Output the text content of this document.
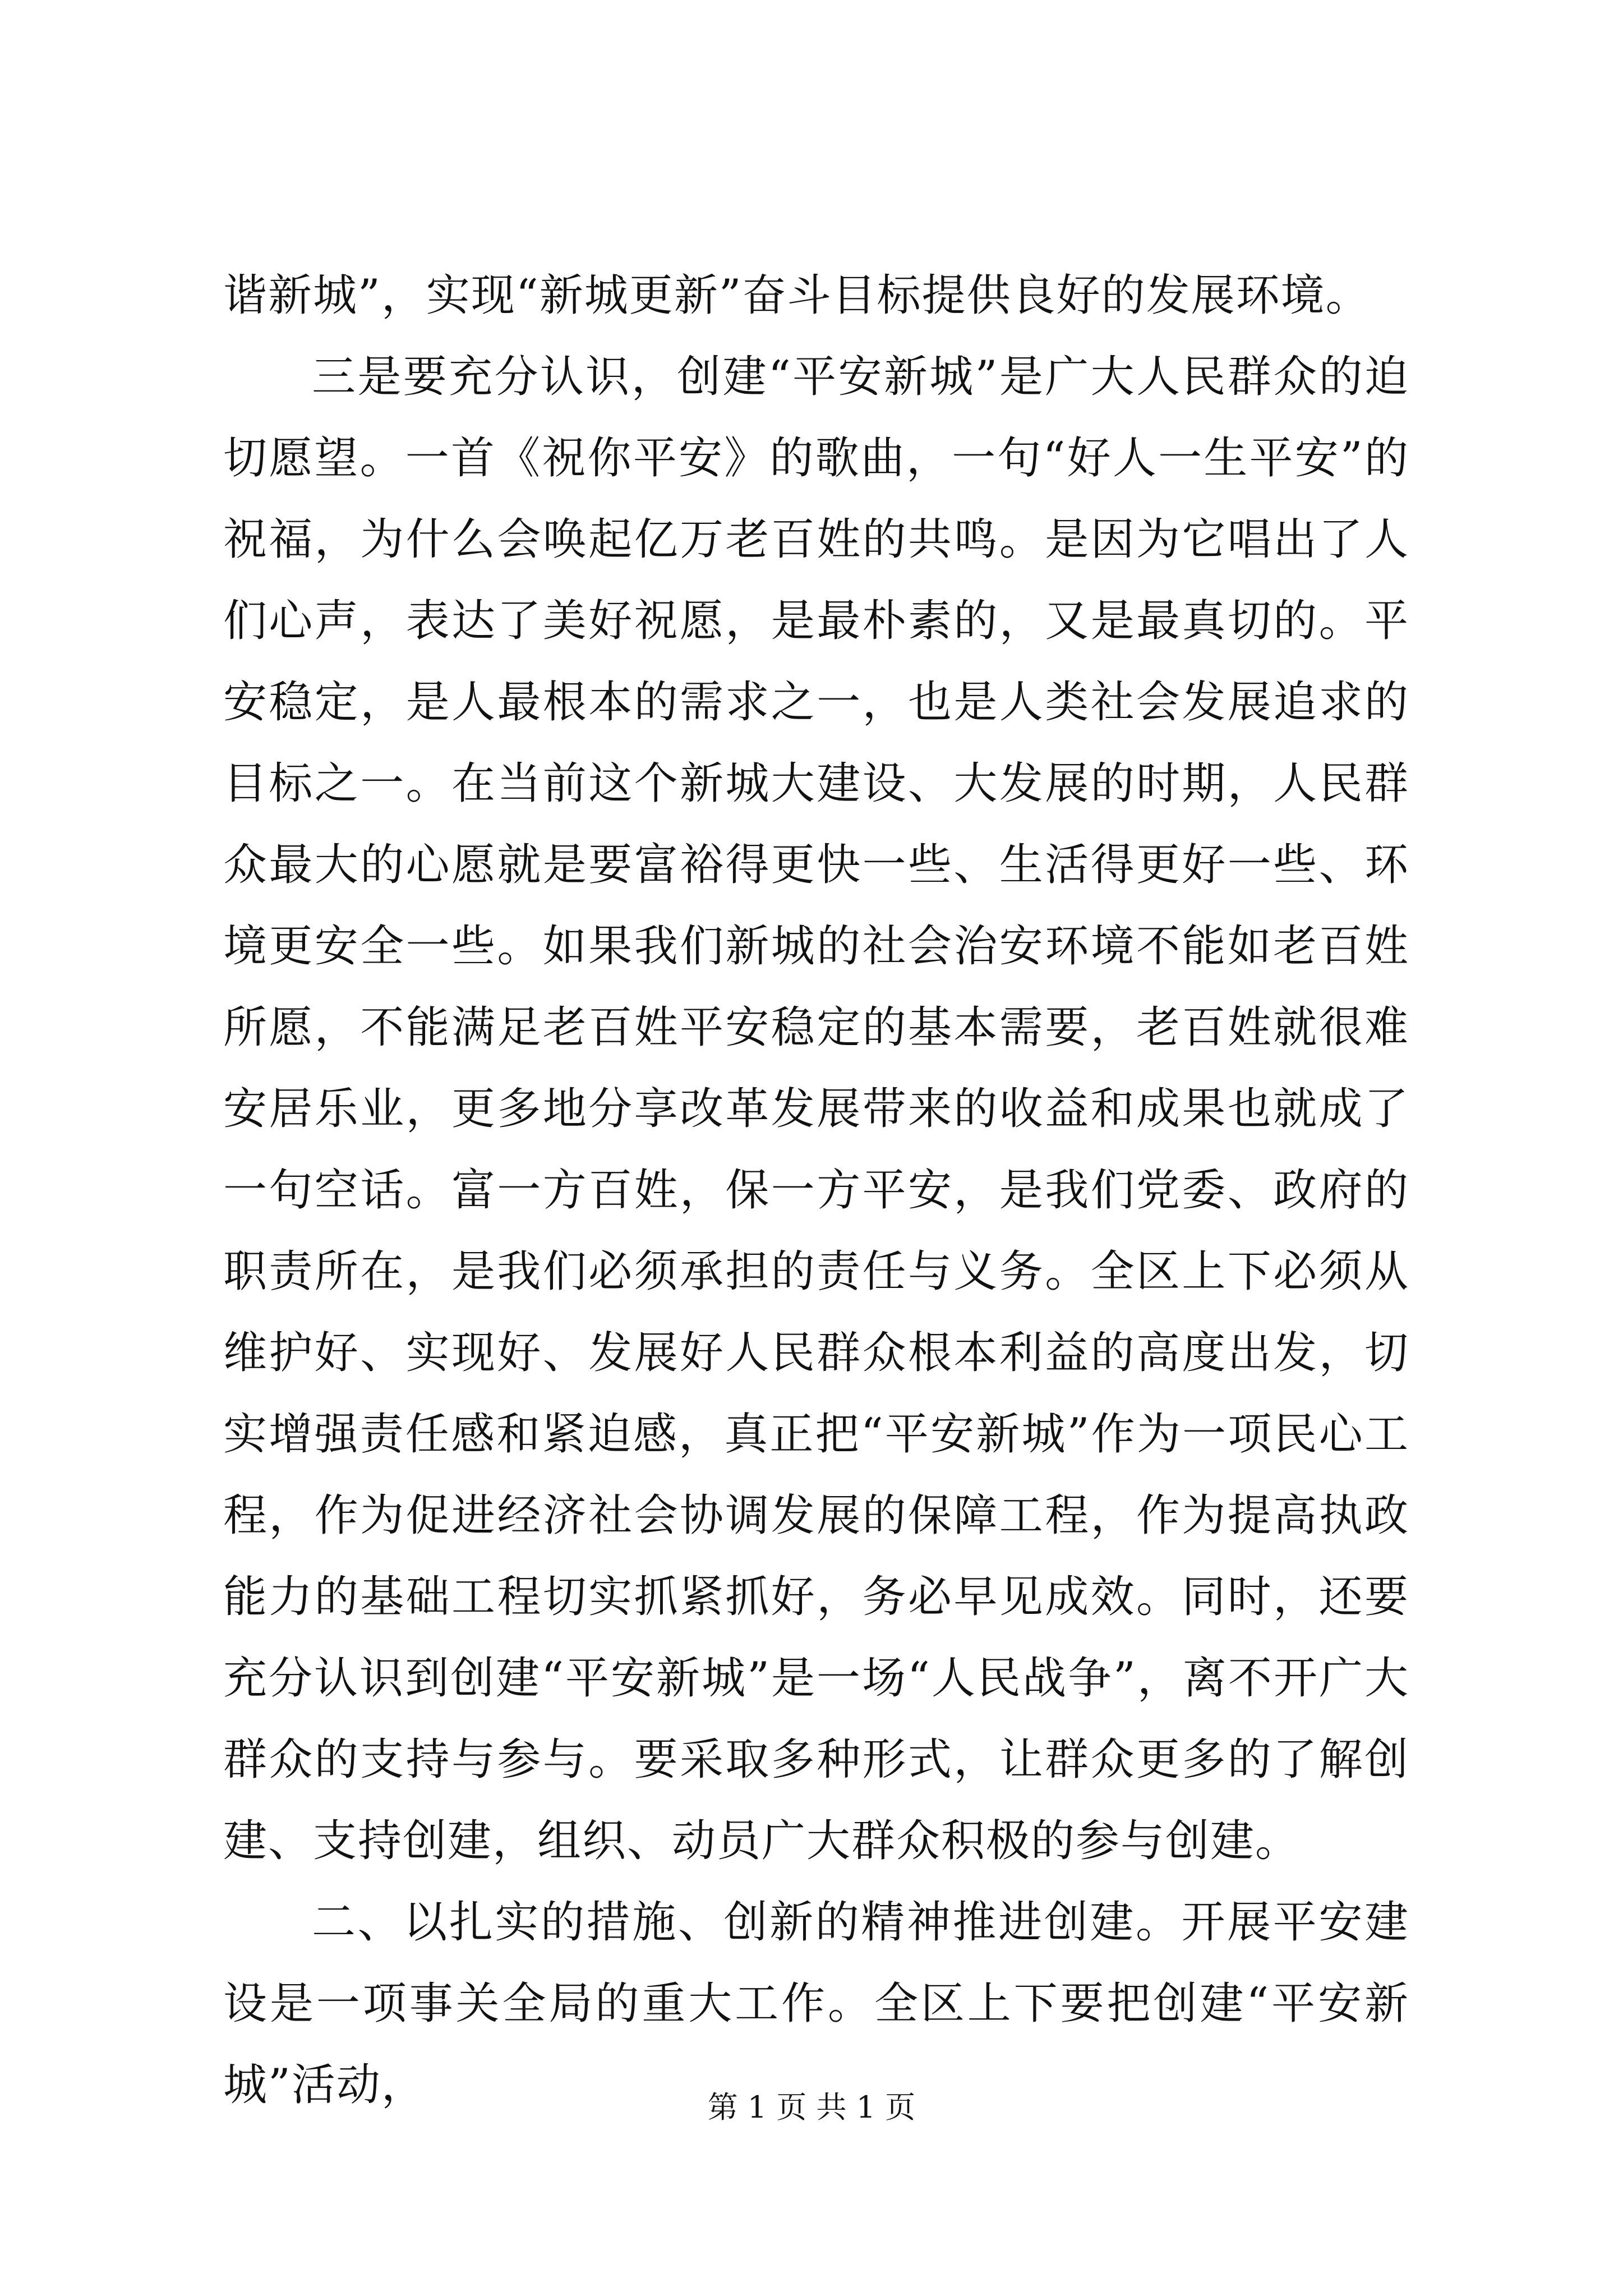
谐新城”，实现“新城更新”奋斗目标提供良好的发展环境。

三是要充分认识，创建“平安新城”是广大人民群众的迫切愿望。一首《祝你平安》的歌曲，一句“好人一生平安”的祝福，为什么会唤起亿万老百姓的共鸣。是因为它唱出了人们心声，表达了美好祝愿，是最朴素的，又是最真切的。平安稳定，是人最根本的需求之一，也是人类社会发展追求的目标之一。在当前这个新城大建设、大发展的时期，人民群众最大的心愿就是要富裕得更快一些、生活得更好一些、环境更安全一些。如果我们新城的社会治安环境不能如老百姓所愿，不能满足老百姓平安稳定的基本需要，老百姓就很难安居乐业，更多地分享改革发展带来的收益和成果也就成了一句空话。富一方百姓，保一方平安，是我们党委、政府的职责所在，是我们必须承担的责任与义务。全区上下必须从维护好、实现好、发展好人民群众根本利益的高度出发，切实增强责任感和紧迫感，真正把“平安新城”作为一项民心工程，作为促进经济社会协调发展的保障工程，作为提高执政能力的基础工程切实抓紧抓好，务必早见成效。同时，还要充分认识到创建“平安新城”是一场“人民战争”，离不开广大群众的支持与参与。要采取多种形式，让群众更多的了解创建、支持创建，组织、动员广大群众积极的参与创建。

二、以扎实的措施、创新的精神推进创建。开展平安建设是一项事关全局的重大工作。全区上下要把创建“平安新城”活动，	第 1 页 共 1 页
